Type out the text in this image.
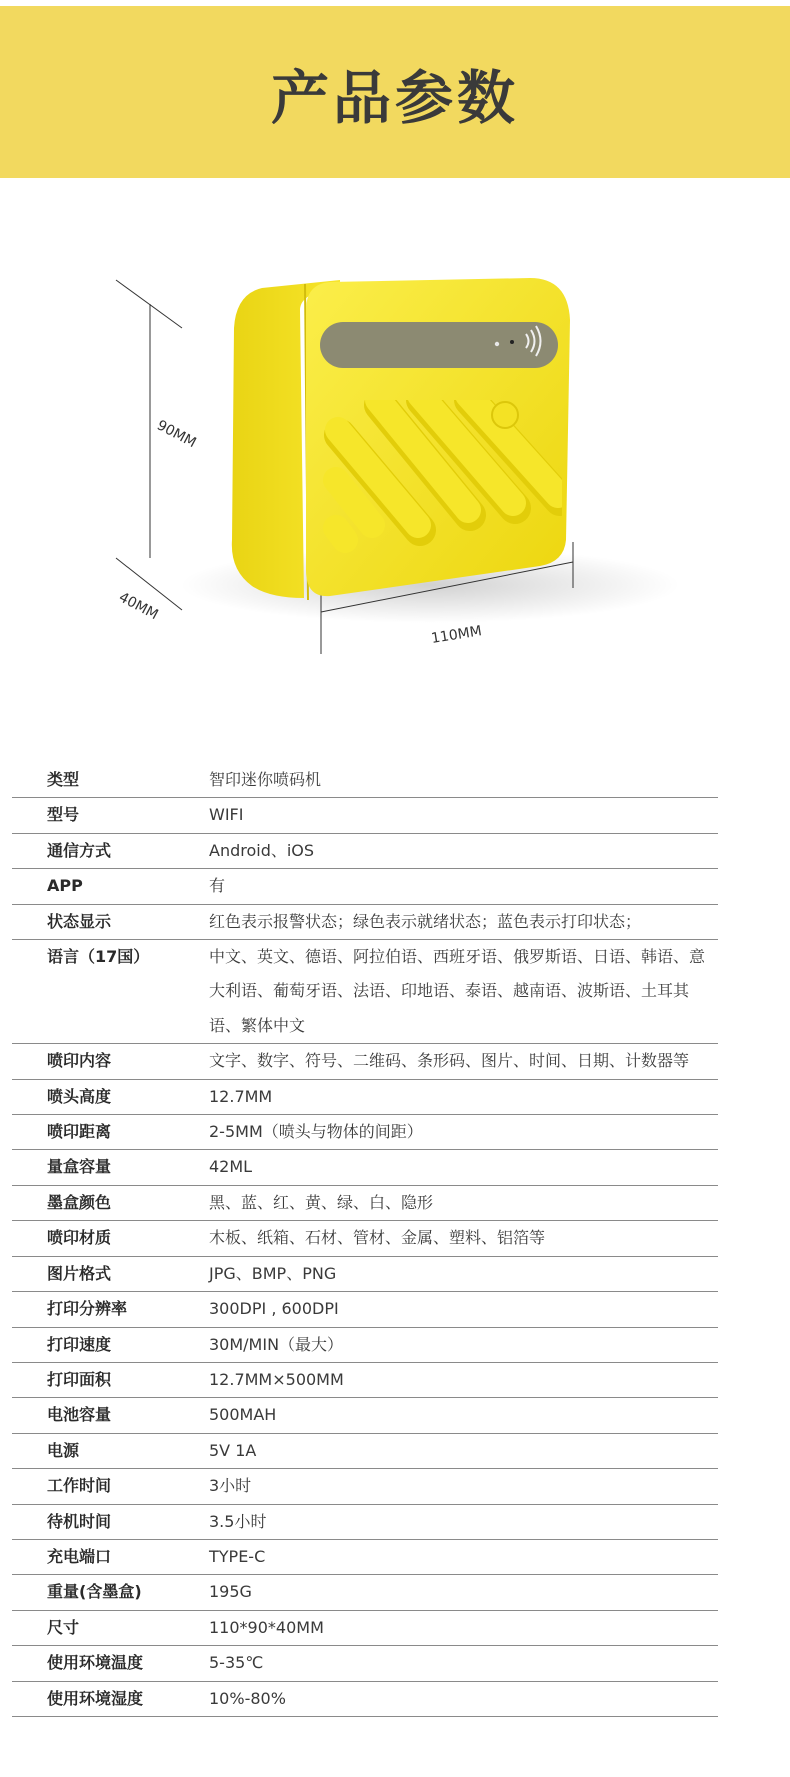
产品参数
90MM
40MM
110MM
类型	智印迷你喷码机
型号	WIFI
通信方式	Android、iOS
APP	有
状态显示	红色表示报警状态；绿色表示就绪状态；蓝色表示打印状态；
语言（17国）	中文、英文、德语、阿拉伯语、西班牙语、俄罗斯语、日语、韩语、意大利语、葡萄牙语、法语、印地语、泰语、越南语、波斯语、土耳其语、繁体中文
喷印内容	文字、数字、符号、二维码、条形码、图片、时间、日期、计数器等
喷头高度	12.7MM
喷印距离	2-5MM（喷头与物体的间距）
量盒容量	42ML
墨盒颜色	黑、蓝、红、黄、绿、白、隐形
喷印材质	木板、纸箱、石材、管材、金属、塑料、铝箔等
图片格式	JPG、BMP、PNG
打印分辨率	300DPI , 600DPI
打印速度	30M/MIN（最大）
打印面积	12.7MM×500MM
电池容量	500MAH
电源	5V 1A
工作时间	3小时
待机时间	3.5小时
充电端口	TYPE-C
重量(含墨盒)	195G
尺寸	110*90*40MM
使用环境温度	5-35℃
使用环境湿度	10%-80%
